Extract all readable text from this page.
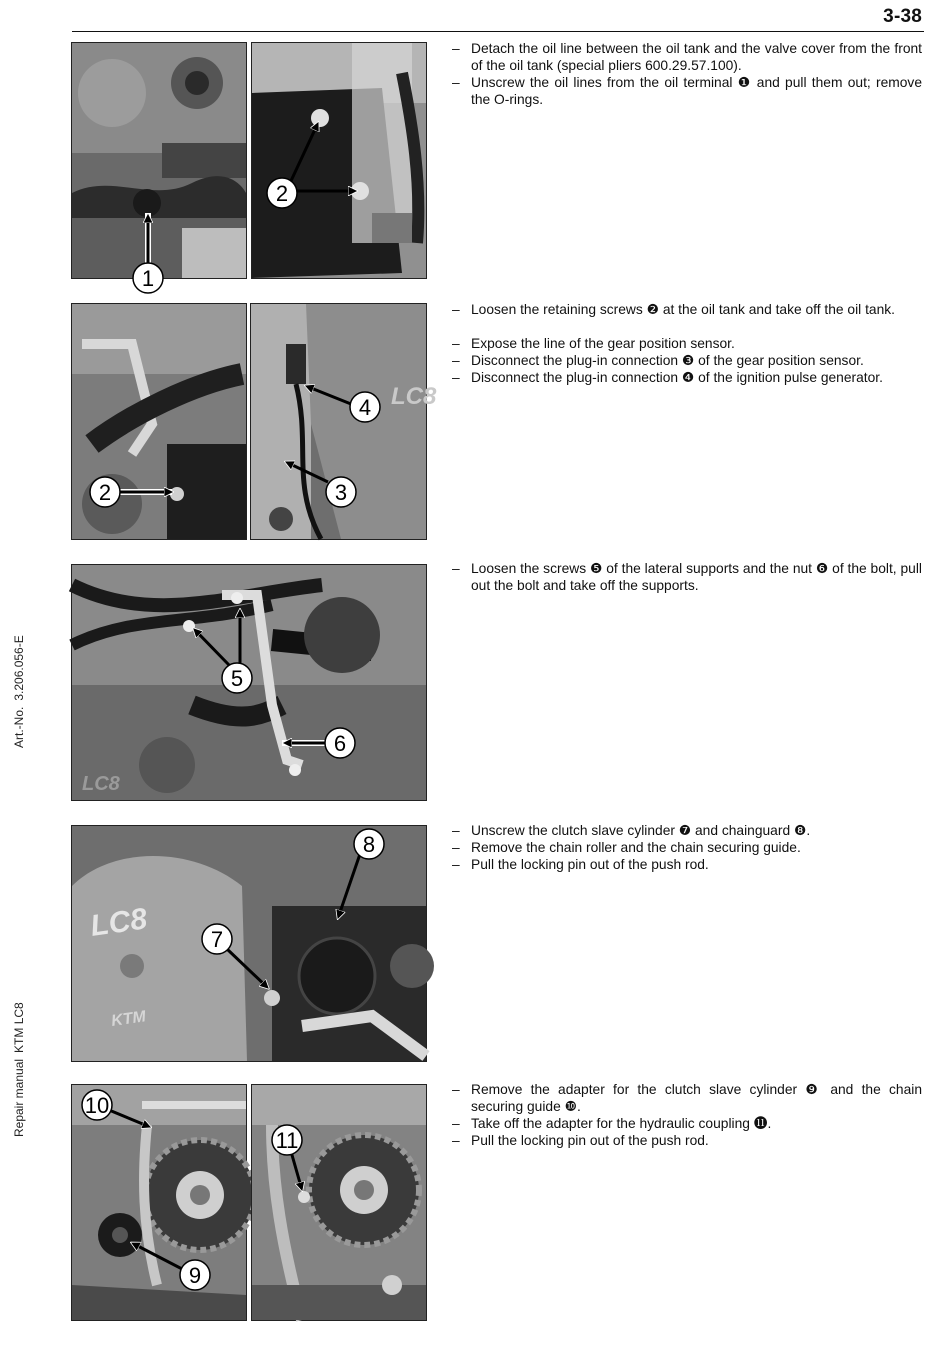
3-38
Art.-No.3.206.056-E
Repair manualKTM LC8
1
2
2
LC8
4
3
LC8
5
6
LC8
KTM
8
7
10
9
11
– Detach the oil line between the oil tank and the valve cover from the front of the oil tank (special pliers 600.29.57.100).
– Unscrew the oil lines from the oil terminal ❶ and pull them out; remove the O-rings.
– Loosen the retaining screws ❷ at the oil tank and take off the oil tank.
– Expose the line of the gear position sensor.
– Disconnect the plug-in connection ❸ of the gear position sensor.
– Disconnect the plug-in connection ❹ of the ignition pulse generator.
– Loosen the screws ❺ of the lateral supports and the nut ❻ of the bolt, pull out the bolt and take off the supports.
– Unscrew the clutch slave cylinder ❼ and chainguard ❽.
– Remove the chain roller and the chain securing guide.
– Pull the locking pin out of the push rod.
– Remove the adapter for the clutch slave cylinder ❾ and the chain securing guide ❿.
– Take off the adapter for the hydraulic coupling ⓫.
– Pull the locking pin out of the push rod.
